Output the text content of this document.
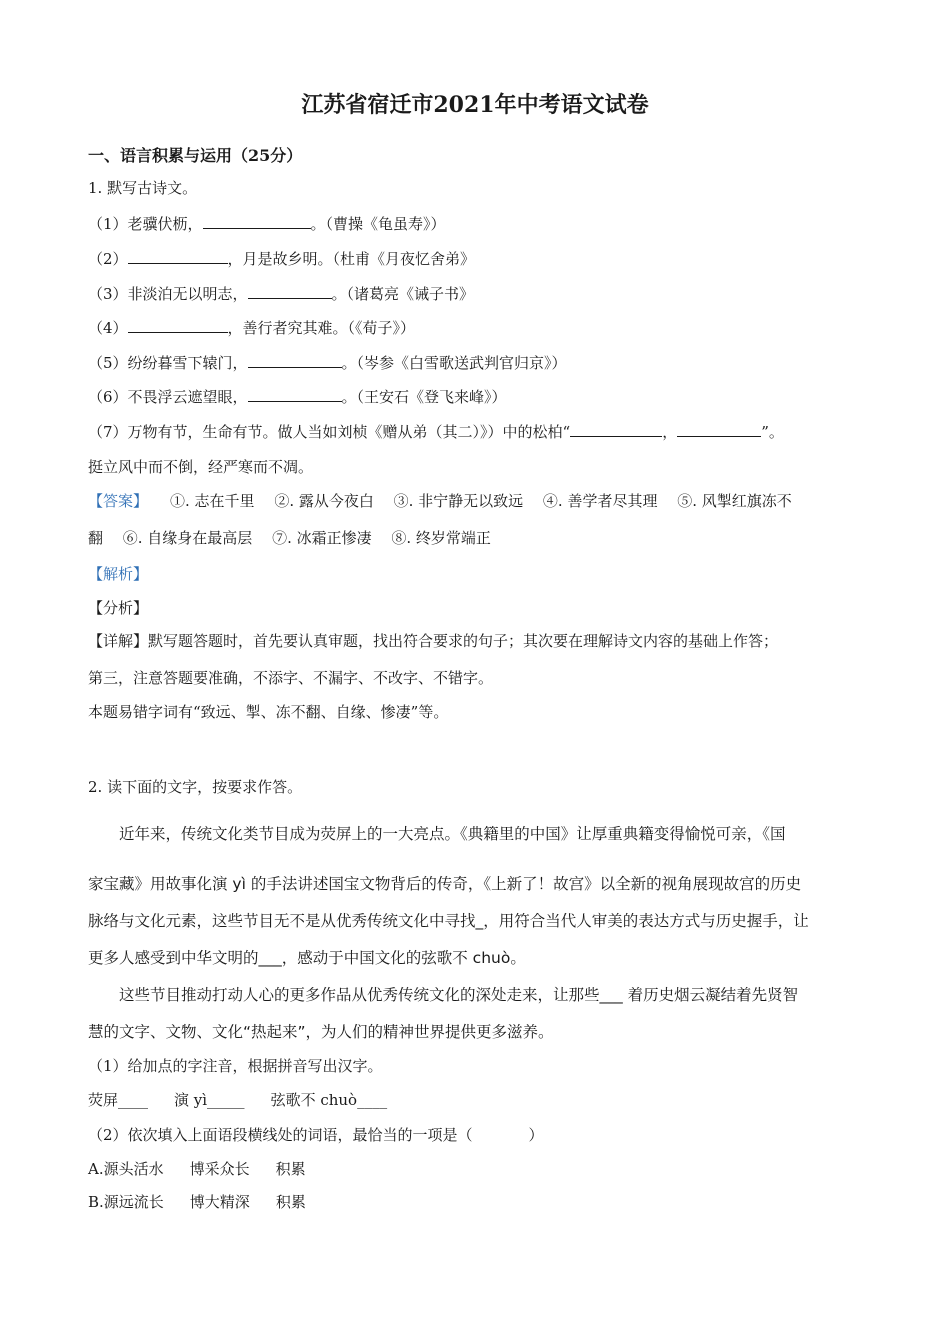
江苏省宿迁市2021年中考语文试卷
一、语言积累与运用（25分）
1. 默写古诗文。
（1）老骥伏枥，	。（曹操《龟虽寿》）
（2）	，月是故乡明。（杜甫《月夜忆舍弟》
（3）非淡泊无以明志，	。（诸葛亮《诫子书》
（4）	，善行者究其难。（《荀子》）
（5）纷纷暮雪下辕门，	。（岑参《白雪歌送武判官归京》）
（6）不畏浮云遮望眼，	。（王安石《登飞来峰》）
（7）万物有节，生命有节。做人当如刘桢《赠从弟（其二）》）中的松柏“	，	”。
挺立风中而不倒，经严寒而不凋。
【答案】 ①. 志在千里　 ②. 露从今夜白　 ③. 非宁静无以致远　 ④. 善学者尽其理　 ⑤. 风掣红旗冻不
翻　 ⑥. 自缘身在最高层　 ⑦. 冰霜正惨凄　 ⑧. 终岁常端正
【解析】
【分析】
【详解】默写题答题时，首先要认真审题，找出符合要求的句子；其次要在理解诗文内容的基础上作答；
第三，注意答题要准确，不添字、不漏字、不改字、不错字。
本题易错字词有“致远、掣、冻不翻、自缘、惨凄”等。
2. 读下面的文字，按要求作答。
近年来，传统文化类节目成为荧屏上的一大亮点。《典籍里的中国》让厚重典籍变得愉悦可亲，《国
家宝藏》用故事化演 yì 的手法讲述国宝文物背后的传奇，《上新了！故宫》以全新的视角展现故宫的历史
脉络与文化元素，这些节目无不是从优秀传统文化中寻找_，用符合当代人审美的表达方式与历史握手，让
更多人感受到中华文明的___，感动于中国文化的弦歌不 chuò。
这些节目推动打动人心的更多作品从优秀传统文化的深处走来，让那些___ 着历史烟云凝结着先贤智
慧的文字、文物、文化“热起来”，为人们的精神世界提供更多滋养。
（1）给加点的字注音，根据拼音写出汉字。
荧屏____ 演 yì_____ 弦歌不 chuò____
（2）依次填入上面语段横线处的词语，最恰当的一项是（	）
A.源头活水 博采众长 积累
B.源远流长 博大精深 积累
